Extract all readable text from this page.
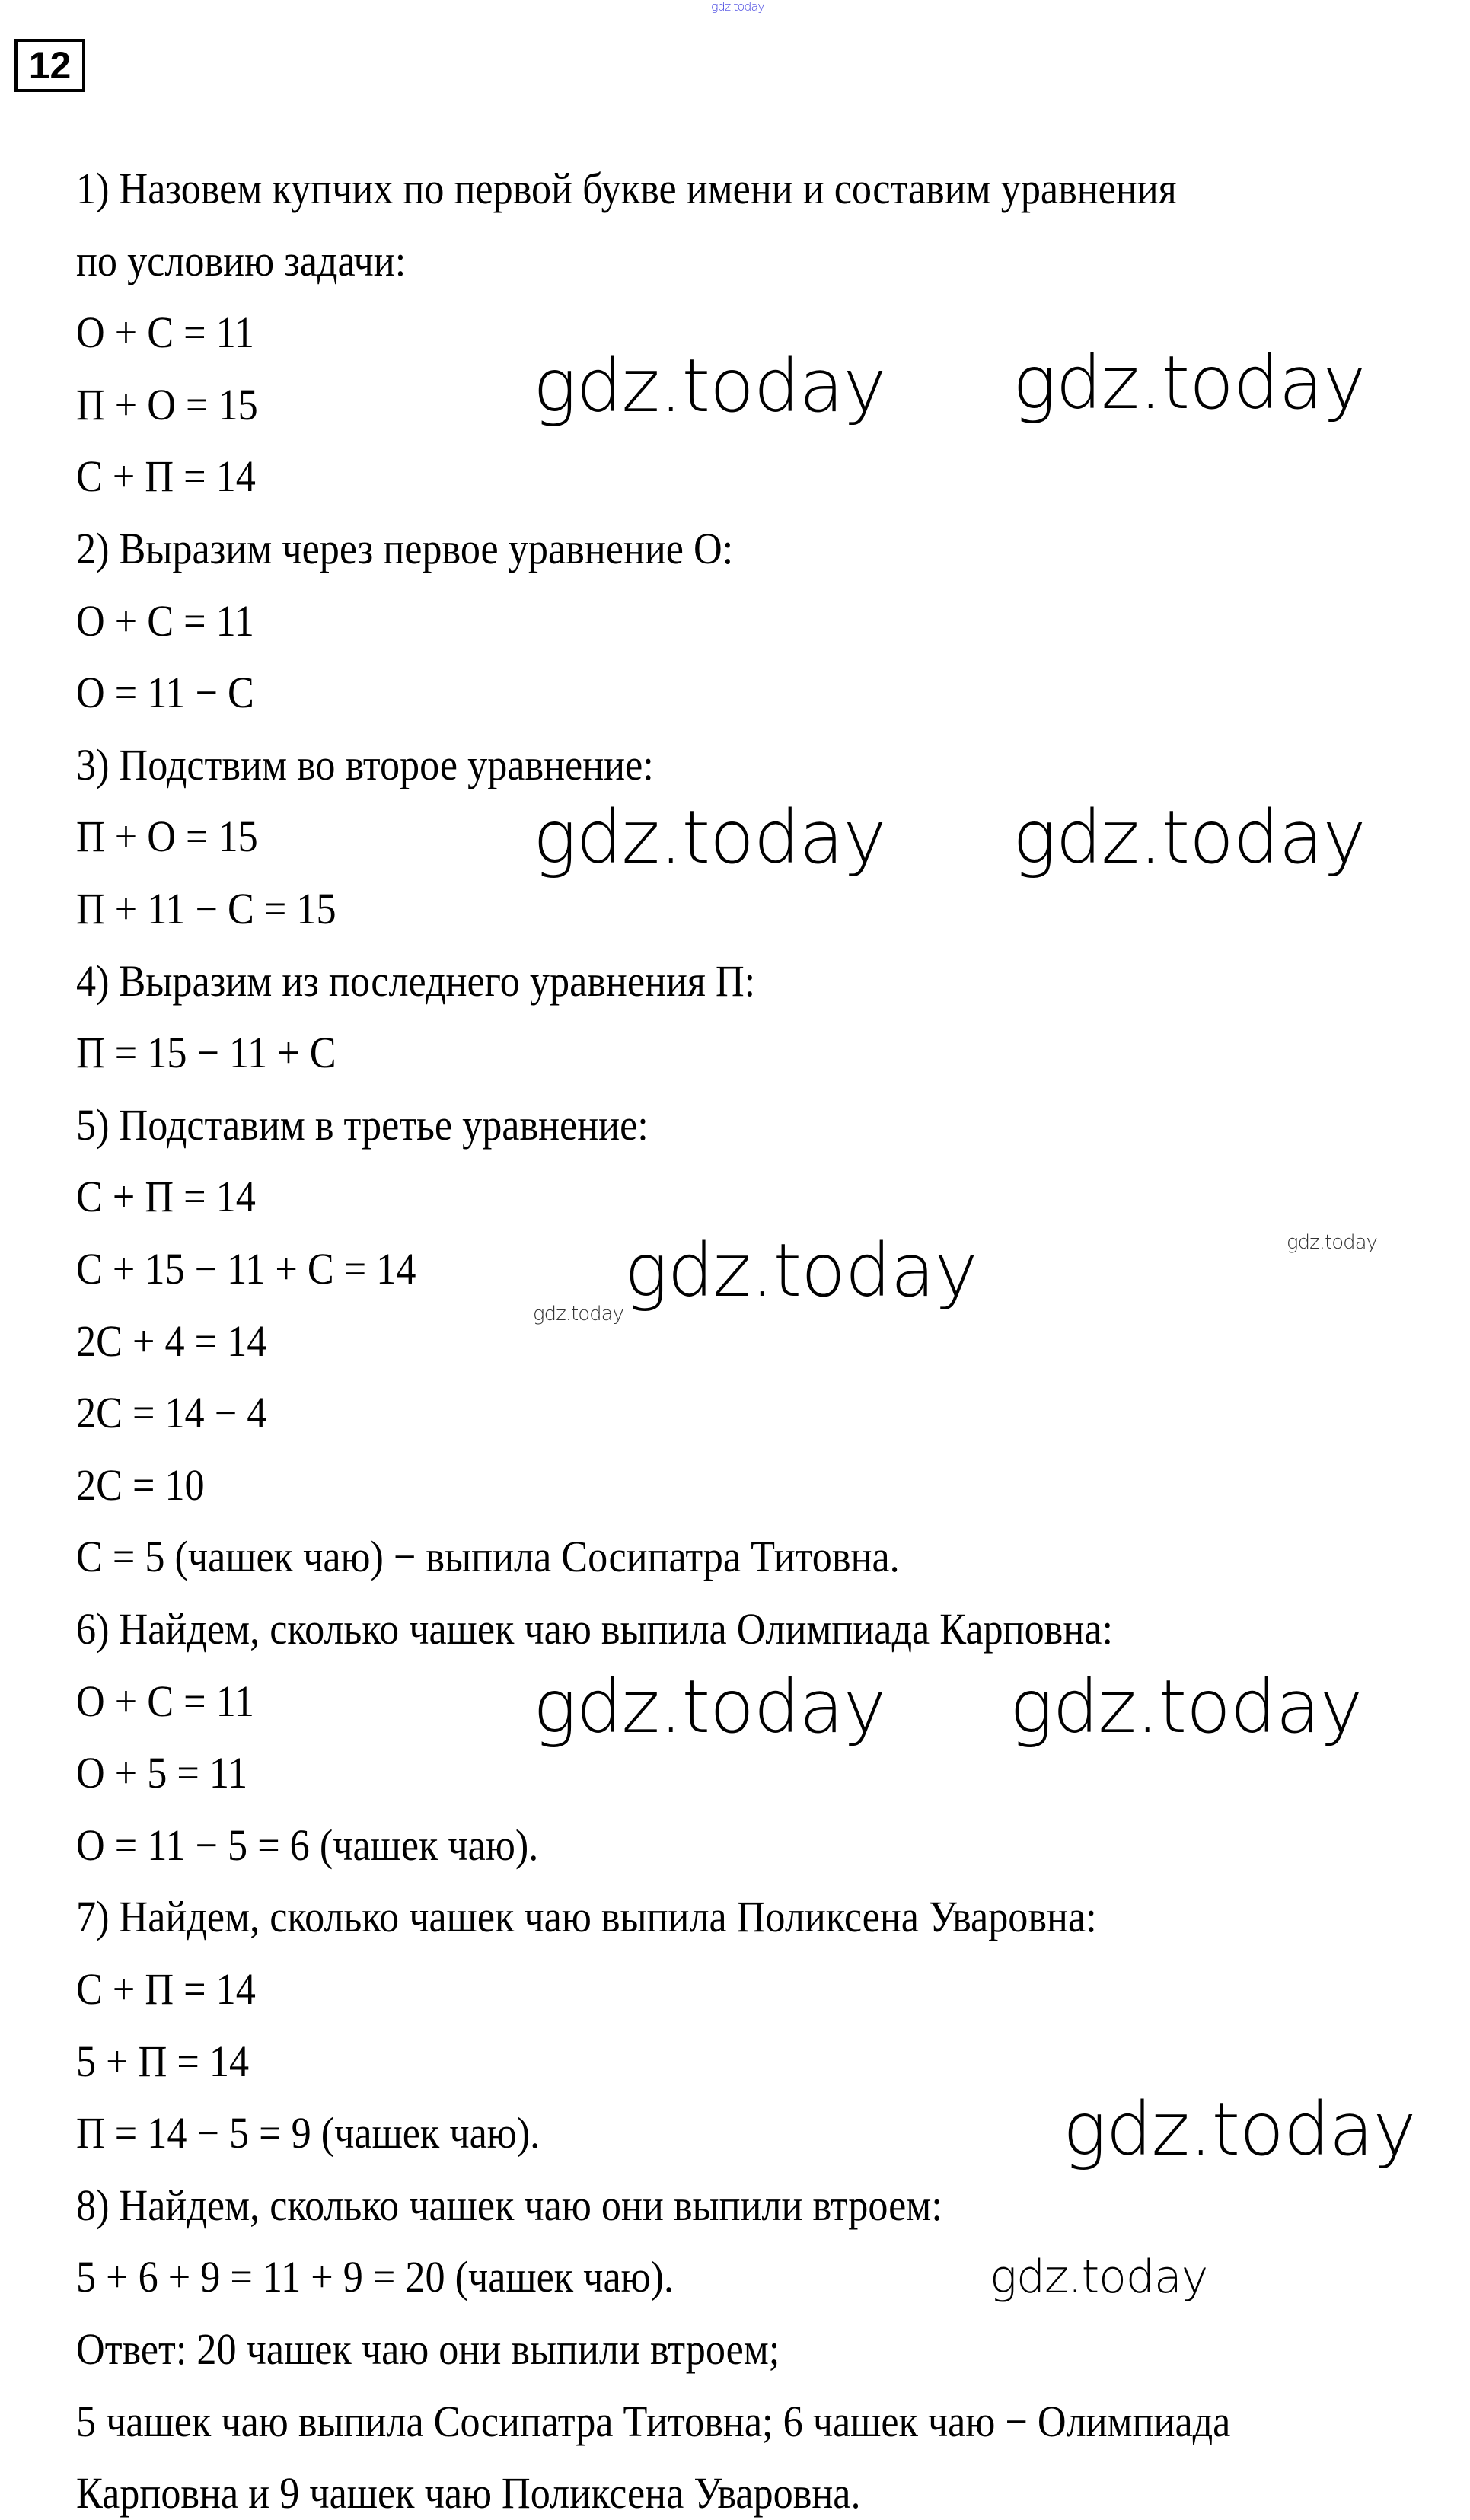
12
1) Назовем купчих по первой букве имени и составим уравнения
по условию задачи:
О + С = 11
П + О = 15
С + П = 14
2) Выразим через первое уравнение О:
О + С = 11
О = 11 − С
3) Подствим во второе уравнение:
П + О = 15
П + 11 − С = 15
4) Выразим из последнего уравнения П:
П = 15 − 11 + С
5) Подставим в третье уравнение:
С + П = 14
С + 15 − 11 + С = 14
2С + 4 = 14
2С = 14 − 4
2С = 10
С = 5 (чашек чаю) − выпила Сосипатра Титовна.
6) Найдем, сколько чашек чаю выпила Олимпиада Карповна:
О + С = 11
О + 5 = 11
О = 11 − 5 = 6 (чашек чаю).
7) Найдем, сколько чашек чаю выпила Поликсена Уваровна:
С + П = 14
5 + П = 14
П = 14 − 5 = 9 (чашек чаю).
8) Найдем, сколько чашек чаю они выпили втроем:
5 + 6 + 9 = 11 + 9 = 20 (чашек чаю).
Ответ: 20 чашек чаю они выпили втроем;
5 чашек чаю выпила Сосипатра Титовна; 6 чашек чаю − Олимпиада
Карповна и 9 чашек чаю Поликсена Уваровна.
gdz.today
gdz.today gdz.today
gdz.today gdz.today
gdz.today	gdz.today
gdz.today
gdz.today gdz.today
gdz.today
gdz.today
